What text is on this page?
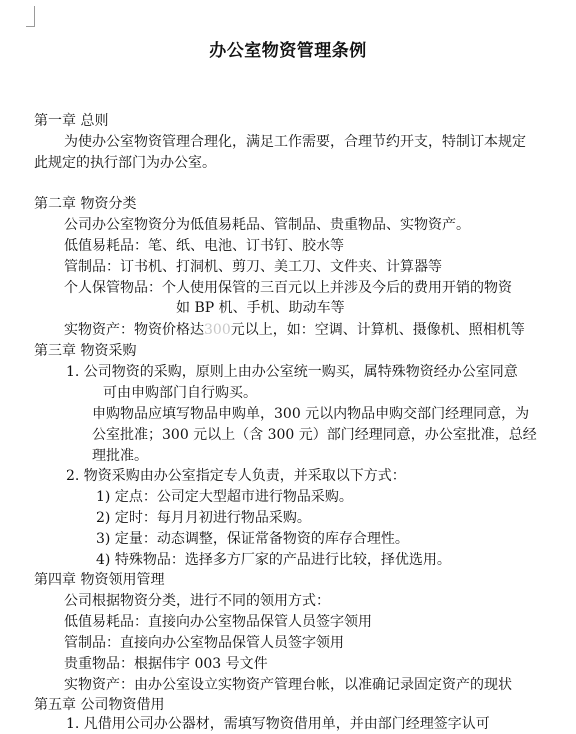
办公室物资管理条例
第一章 总则
为使办公室物资管理合理化，满足工作需要，合理节约开支，特制订本规定
此规定的执行部门为办公室。
第二章 物资分类
公司办公室物资分为低值易耗品、管制品、贵重物品、实物资产。
低值易耗品：笔、纸、电池、订书钉、胶水等
管制品：订书机、打洞机、剪刀、美工刀、文件夹、计算器等
个人保管物品：个人使用保管的三百元以上并涉及今后的费用开销的物资
如 BP 机、手机、助动车等
实物资产：物资价格达300元以上，如：空调、计算机、摄像机、照相机等
第三章 物资采购
1. 公司物资的采购，原则上由办公室统一购买，属特殊物资经办公室同意
可由申购部门自行购买。
申购物品应填写物品申购单，300 元以内物品申购交部门经理同意，为
公室批准；300 元以上（含 300 元）部门经理同意，办公室批准，总经
理批准。
2. 物资采购由办公室指定专人负责，并采取以下方式：
1) 定点：公司定大型超市进行物品采购。
2) 定时：每月月初进行物品采购。
3) 定量：动态调整，保证常备物资的库存合理性。
4) 特殊物品：选择多方厂家的产品进行比较，择优选用。
第四章 物资领用管理
公司根据物资分类，进行不同的领用方式：
低值易耗品：直接向办公室物品保管人员签字领用
管制品：直接向办公室物品保管人员签字领用
贵重物品：根据伟宇 003 号文件
实物资产：由办公室设立实物资产管理台帐，以准确记录固定资产的现状
第五章 公司物资借用
1. 凡借用公司办公器材，需填写物资借用单，并由部门经理签字认可
